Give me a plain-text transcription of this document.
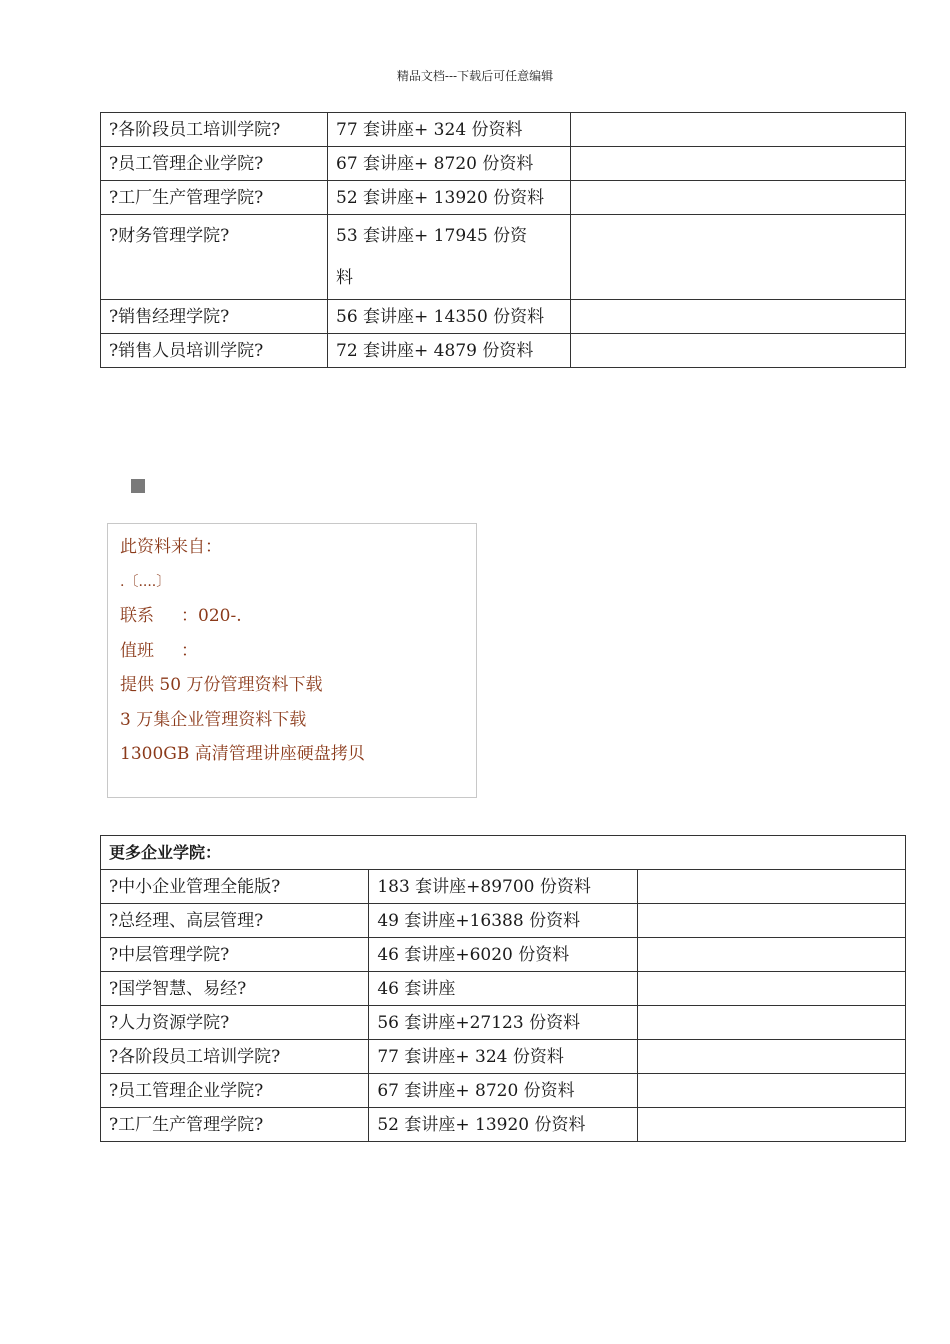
精品文档---下载后可任意编辑
?各阶段员工培训学院?	77 套讲座+ 324 份资料	
?员工管理企业学院?	67 套讲座+ 8720 份资料	
?工厂生产管理学院?	52 套讲座+ 13920 份资料	
?财务管理学院?	53 套讲座+ 17945 份资
料	
?销售经理学院?	56 套讲座+ 14350 份资料	
?销售人员培训学院?	72 套讲座+ 4879 份资料	
此资料来自：
.〔....〕
联系     ：020-.
值班     ：
提供 50 万份管理资料下载
3 万集企业管理资料下载
1300GB 高清管理讲座硬盘拷贝
更多企业学院：		
?中小企业管理全能版?	183 套讲座+89700 份资料	
?总经理、高层管理?	49 套讲座+16388 份资料	
?中层管理学院?	46 套讲座+6020 份资料	
?国学智慧、易经?	46 套讲座	
?人力资源学院?	56 套讲座+27123 份资料	
?各阶段员工培训学院?	77 套讲座+ 324 份资料	
?员工管理企业学院?	67 套讲座+ 8720 份资料	
?工厂生产管理学院?	52 套讲座+ 13920 份资料	
